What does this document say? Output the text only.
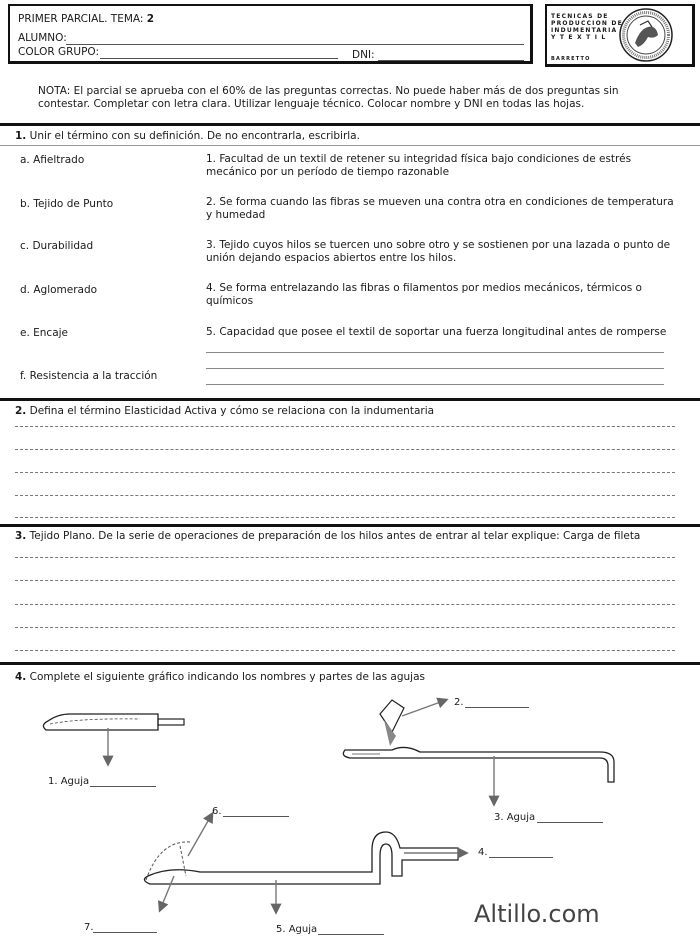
PRIMER PARCIAL. TEMA: 2
ALUMNO:
COLOR GRUPO:	DNI:
TECNICAS DE
PRODUCCION DE
INDUMENTARIA
Y T E X T I L
BARRETTO
NOTA: El parcial se aprueba con el 60% de las preguntas correctas. No puede haber más de dos preguntas sin contestar. Completar con letra clara. Utilizar lenguaje técnico. Colocar nombre y DNI en todas las hojas.
1. Unir el término con su definición. De no encontrarla, escribirla.
a. Afieltrado
b. Tejido de Punto
c. Durabilidad
d. Aglomerado
e. Encaje
f. Resistencia a la tracción
1. Facultad de un textil de retener su integridad física bajo condiciones de estrés mecánico por un período de tiempo razonable
2. Se forma cuando las fibras se mueven una contra otra en condiciones de temperatura y humedad
3. Tejido cuyos hilos se tuercen uno sobre otro y se sostienen por una lazada o punto de unión dejando espacios abiertos entre los hilos.
4. Se forma entrelazando las fibras o filamentos por medios mecánicos, térmicos o químicos
5. Capacidad que posee el textil de soportar una fuerza longitudinal antes de romperse
2. Defina el término Elasticidad Activa y cómo se relaciona con la indumentaria
3. Tejido Plano. De la serie de operaciones de preparación de los hilos antes de entrar al telar explique: Carga de fileta
4. Complete el siguiente gráfico indicando los nombres y partes de las agujas
1. Aguja
2.
3. Aguja
4.
5. Aguja
6.
7.	Altillo.com
